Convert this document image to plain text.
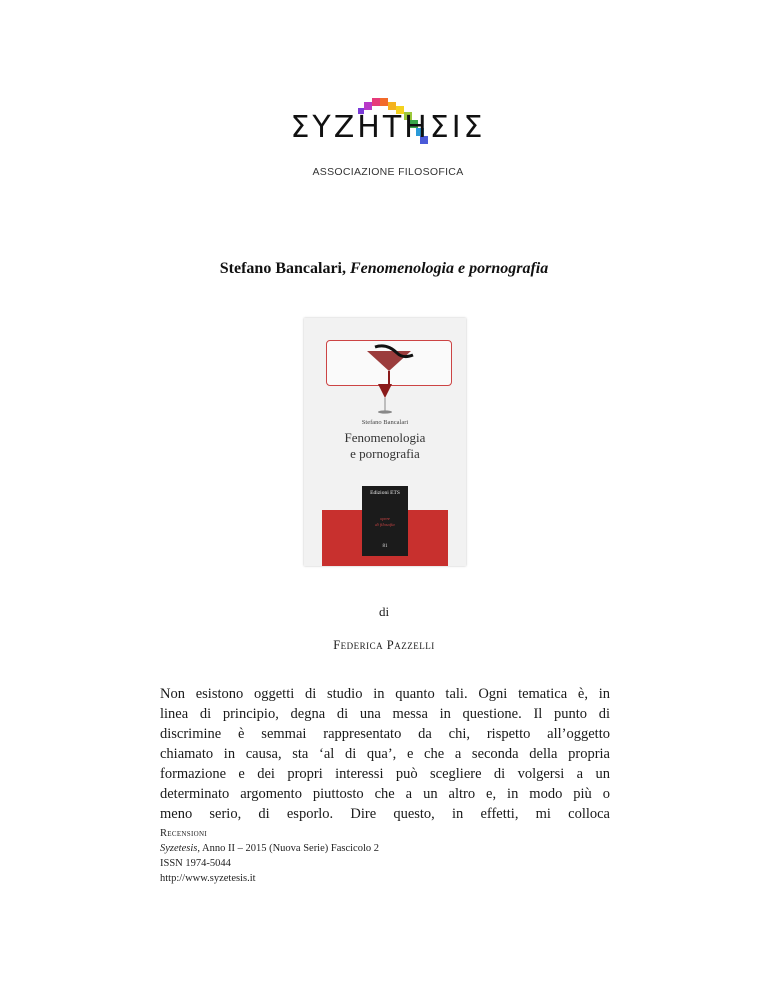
ΣΥΖΗΤΗΣΙΣ
ASSOCIAZIONE FILOSOFICA
Stefano Bancalari, Fenomenologia e pornografia
Stefano Bancalari
Fenomenologia
e pornografia
Edizioni ETS
opere
di filosofia
81
di
Federica Pazzelli
Non esistono oggetti di studio in quanto tali. Ogni tematica è, in
linea di principio, degna di una messa in questione. Il punto di
discrimine è semmai rappresentato da chi, rispetto all’oggetto
chiamato in causa, sta ‘al di qua’, e che a seconda della propria
formazione e dei propri interessi può scegliere di volgersi a un
determinato argomento piuttosto che a un altro e, in modo più o
meno serio, di esporlo. Dire questo, in effetti, mi colloca
Recensioni
Syzetesis, Anno II – 2015 (Nuova Serie) Fascicolo 2
ISSN 1974-5044
http://www.syzetesis.it
